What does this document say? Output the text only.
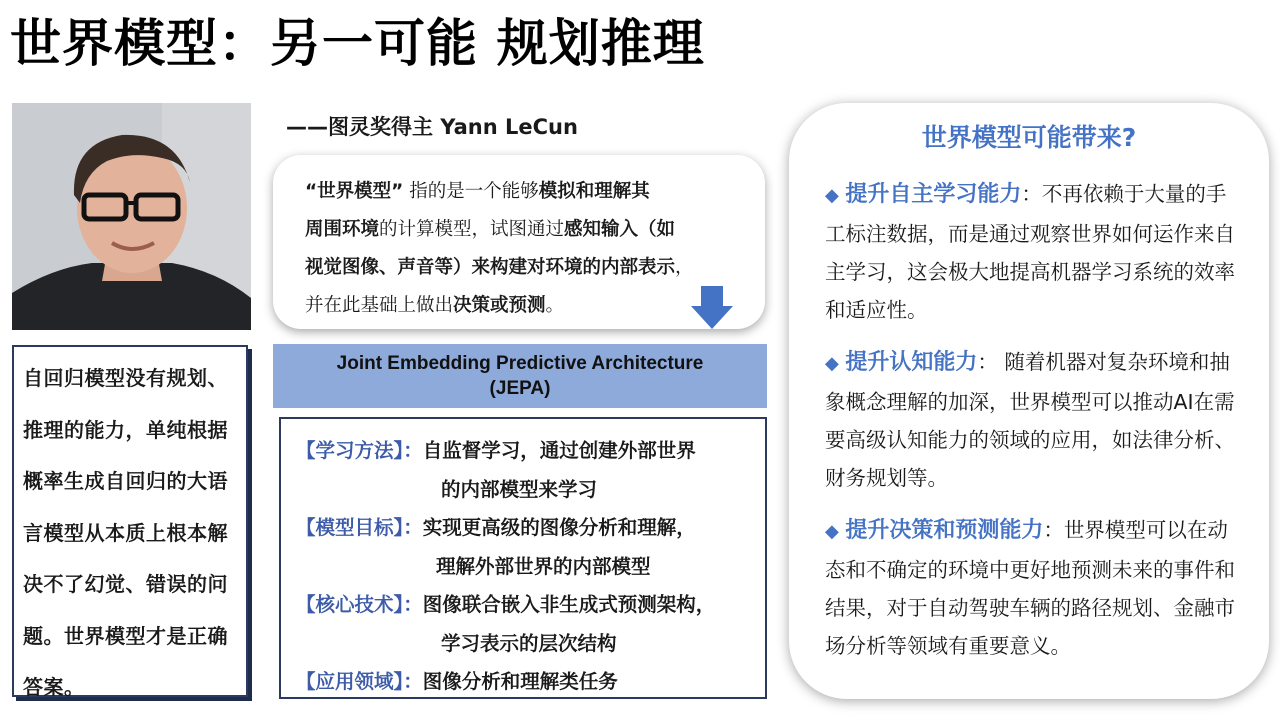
世界模型：另一可能 规划推理

自回归模型没有规划、

推理的能力，单纯根据

概率生成自回归的大语

言模型从本质上根本解

决不了幻觉、错误的问

题。世界模型才是正确

答案。

——图灵奖得主 Yann LeCun

“世界模型” 指的是一个能够模拟和理解其

周围环境的计算模型，试图通过感知输入（如

视觉图像、声音等）来构建对环境的内部表示，

并在此基础上做出决策或预测。

Joint Embedding Predictive Architecture
(JEPA)
【学习方法】：自监督学习，通过创建外部世界
的内部模型来学习
【模型目标】：实现更高级的图像分析和理解，
理解外部世界的内部模型
【核心技术】：图像联合嵌入非生成式预测架构，
学习表示的层次结构
【应用领域】：图像分析和理解类任务
世界模型可能带来?
◆ 提升自主学习能力：不再依赖于大量的手工标注数据，而是通过观察世界如何运作来自主学习，这会极大地提高机器学习系统的效率和适应性。
◆ 提升认知能力： 随着机器对复杂环境和抽象概念理解的加深，世界模型可以推动AI在需要高级认知能力的领域的应用，如法律分析、财务规划等。
◆ 提升决策和预测能力：世界模型可以在动态和不确定的环境中更好地预测未来的事件和结果，对于自动驾驶车辆的路径规划、金融市场分析等领域有重要意义。
